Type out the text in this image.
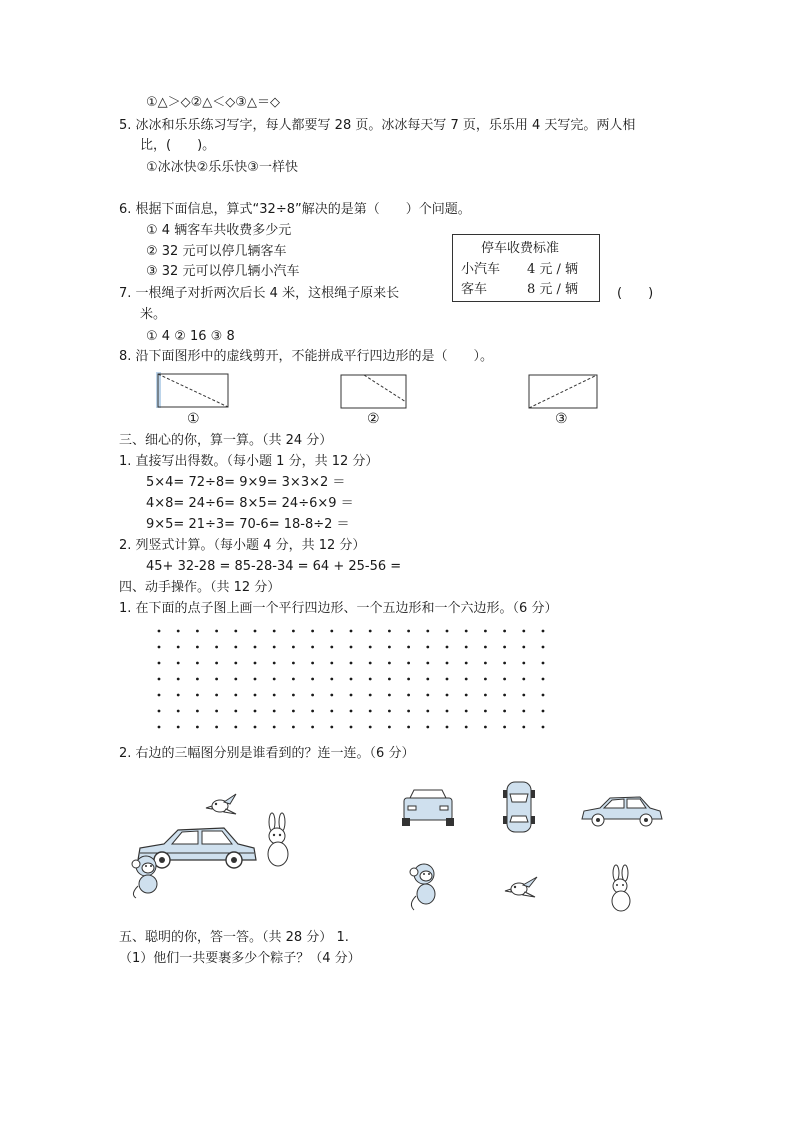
①△＞◇②△＜◇③△＝◇
5. 冰冰和乐乐练习写字，每人都要写 28 页。冰冰每天写 7 页，乐乐用 4 天写完。两人相
比，(　　)。
①冰冰快②乐乐快③一样快
6. 根据下面信息，算式“32÷8”解决的是第（　　）个问题。
① 4 辆客车共收费多少元
② 32 元可以停几辆客车
③ 32 元可以停几辆小汽车
停车收费标准
小汽车 4 元 / 辆
客车	8 元 / 辆
7. 一根绳子对折两次后长 4 米，这根绳子原来长	(　　)
米。
① 4 ② 16 ③ 8
8. 沿下面图形中的虚线剪开，不能拼成平行四边形的是（　　）。
①	②	③
三、细心的你，算一算。（共 24 分）
1. 直接写出得数。（每小题 1 分，共 12 分）
5×4= 72÷8= 9×9= 3×3×2 ＝
4×8= 24÷6= 8×5= 24÷6×9 ＝
9×5= 21÷3= 70-6= 18-8÷2 ＝
2. 列竖式计算。（每小题 4 分，共 12 分）
45+ 32-28 = 85-28-34 = 64 + 25-56 =
四、动手操作。（共 12 分）
1. 在下面的点子图上画一个平行四边形、一个五边形和一个六边形。（6 分）
2. 右边的三幅图分别是谁看到的？连一连。（6 分）
五、聪明的你，答一答。（共 28 分） 1.
（1）他们一共要裹多少个粽子？（4 分）
